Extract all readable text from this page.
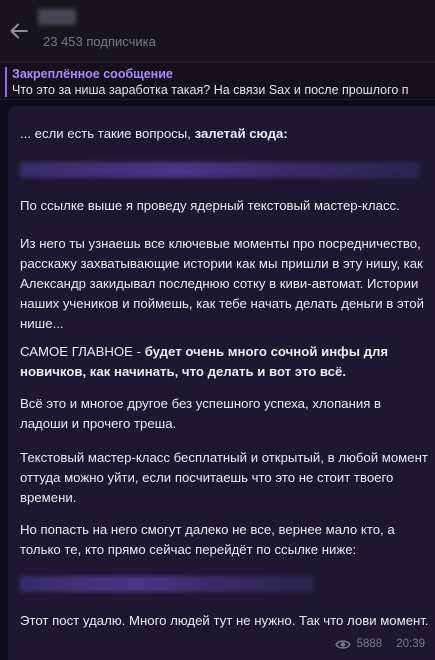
23 453 подписчика
Закреплённое сообщение
Что это за ниша заработка такая? На связи Sax и после прошлого п
... если есть такие вопросы, залетай сюда:
По ссылке выше я проведу ядерный текстовый мастер-класс.
Из него ты узнаешь все ключевые моменты про посредничество, расскажу захватывающие истории как мы пришли в эту нишу, как Александр закидывал последнюю сотку в киви-автомат. Истории наших учеников и поймешь, как тебе начать делать деньги в этой нише...
САМОЕ ГЛАВНОЕ - будет очень много сочной инфы для новичков, как начинать, что делать и вот это всё.
Всё это и многое другое без успешного успеха, хлопания в ладоши и прочего треша.
Текстовый мастер-класс бесплатный и открытый, в любой момент оттуда можно уйти, если посчитаешь что это не стоит твоего времени.
Но попасть на него смогут далеко не все, вернее мало кто, а только те, кто прямо сейчас перейдёт по ссылке ниже:
Этот пост удалю. Много людей тут не нужно. Так что лови момент.
5888 20:39
